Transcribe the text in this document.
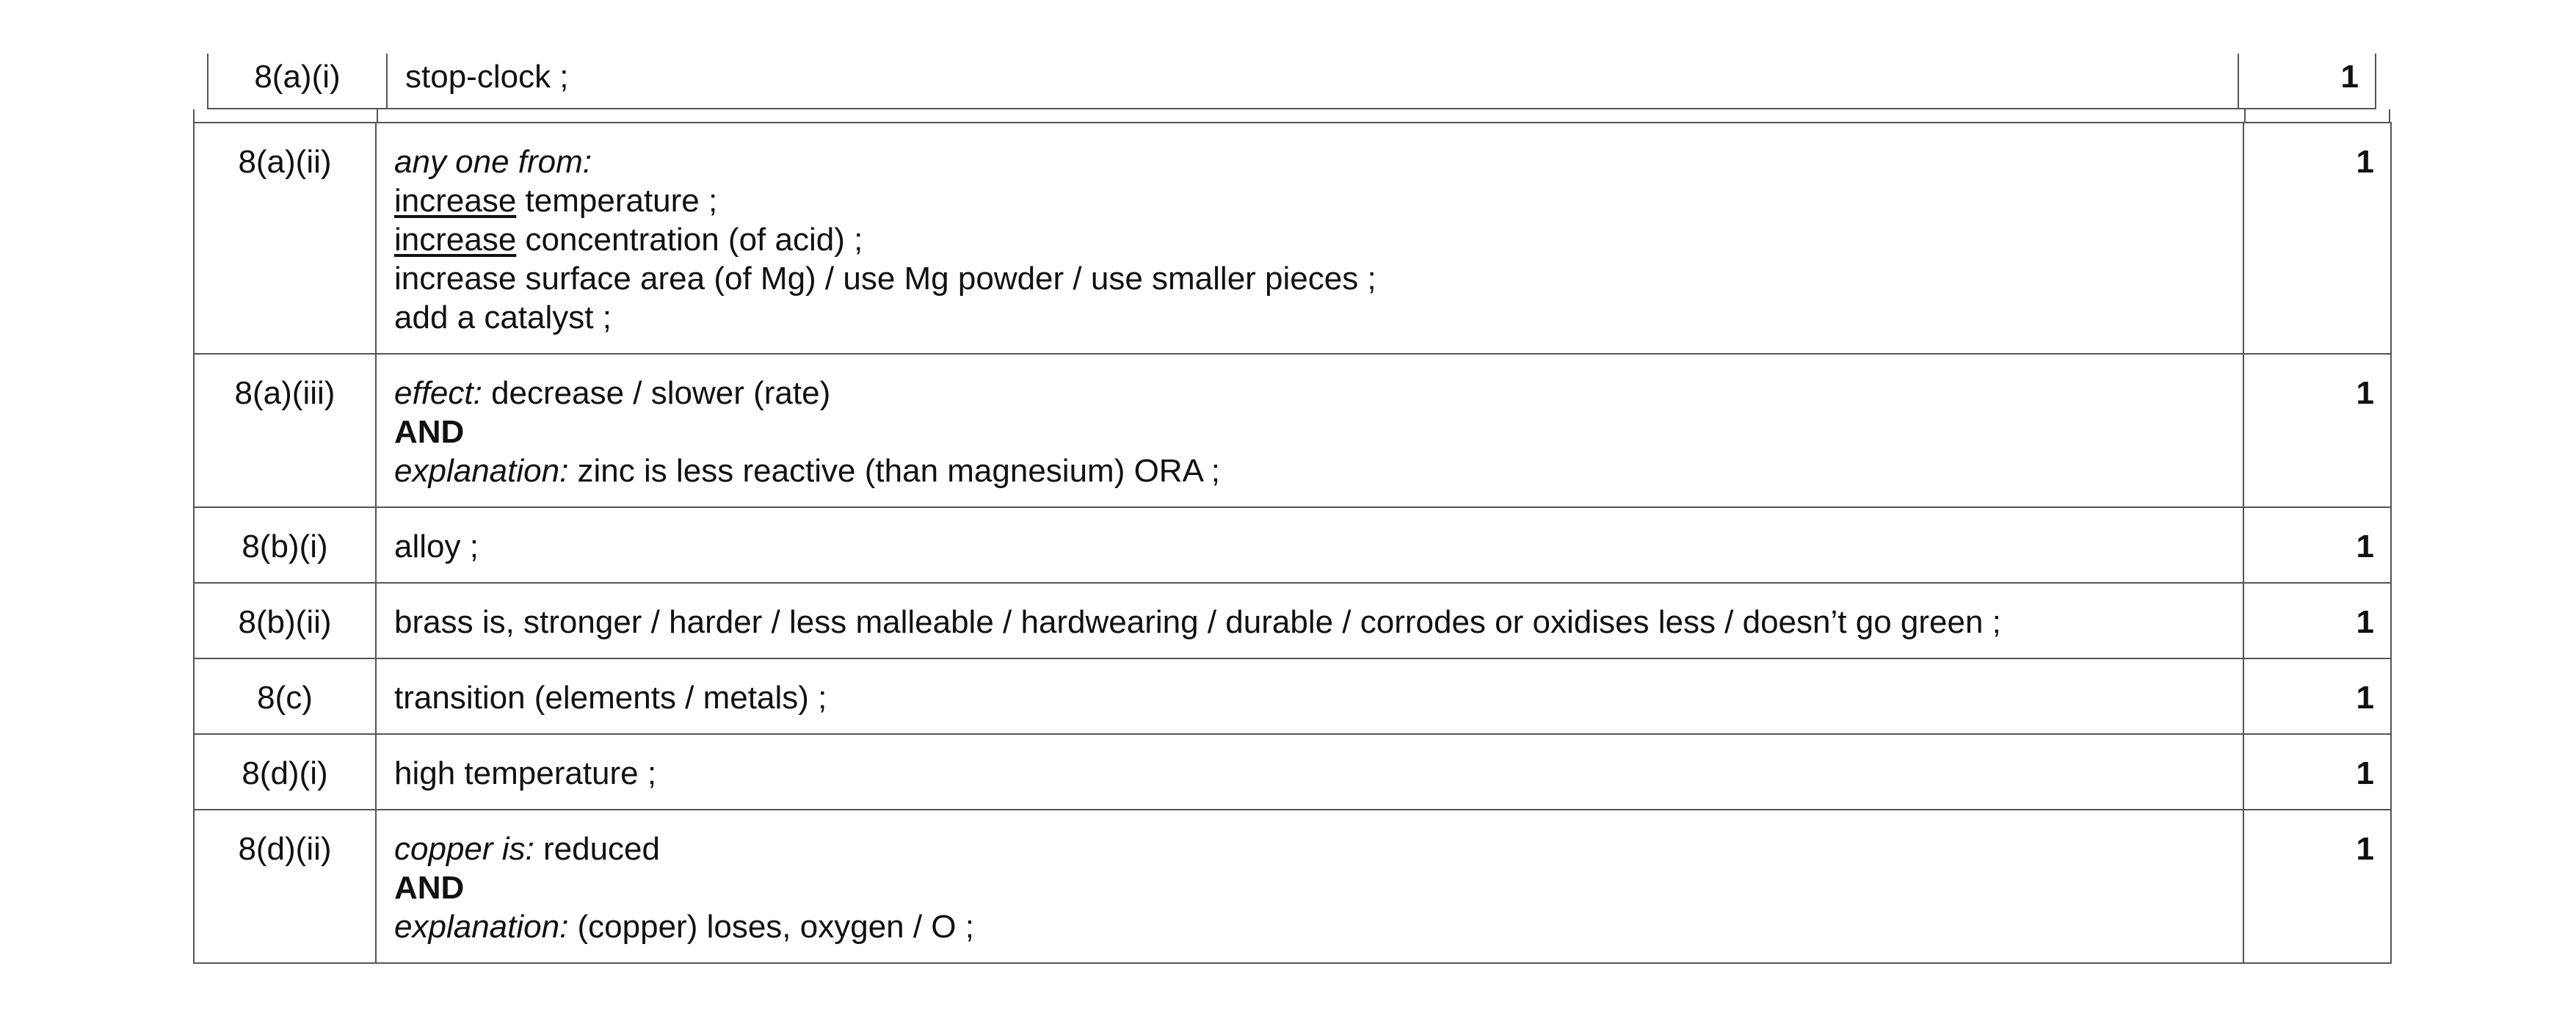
8(a)(i)	stop-clock ;	1
8(a)(ii)	any one from:
increase temperature ;
increase concentration (of acid) ;
increase surface area (of Mg) / use Mg powder / use smaller pieces ;
add a catalyst ;	1
8(a)(iii)	effect: decrease / slower (rate)
AND
explanation: zinc is less reactive (than magnesium) ORA ;	1
8(b)(i)	alloy ;	1
8(b)(ii)	brass is, stronger / harder / less malleable / hardwearing / durable / corrodes or oxidises less / doesn’t go green ;	1
8(c)	transition (elements / metals) ;	1
8(d)(i)	high temperature ;	1
8(d)(ii)	copper is: reduced
AND
explanation: (copper) loses, oxygen / O ;	1
